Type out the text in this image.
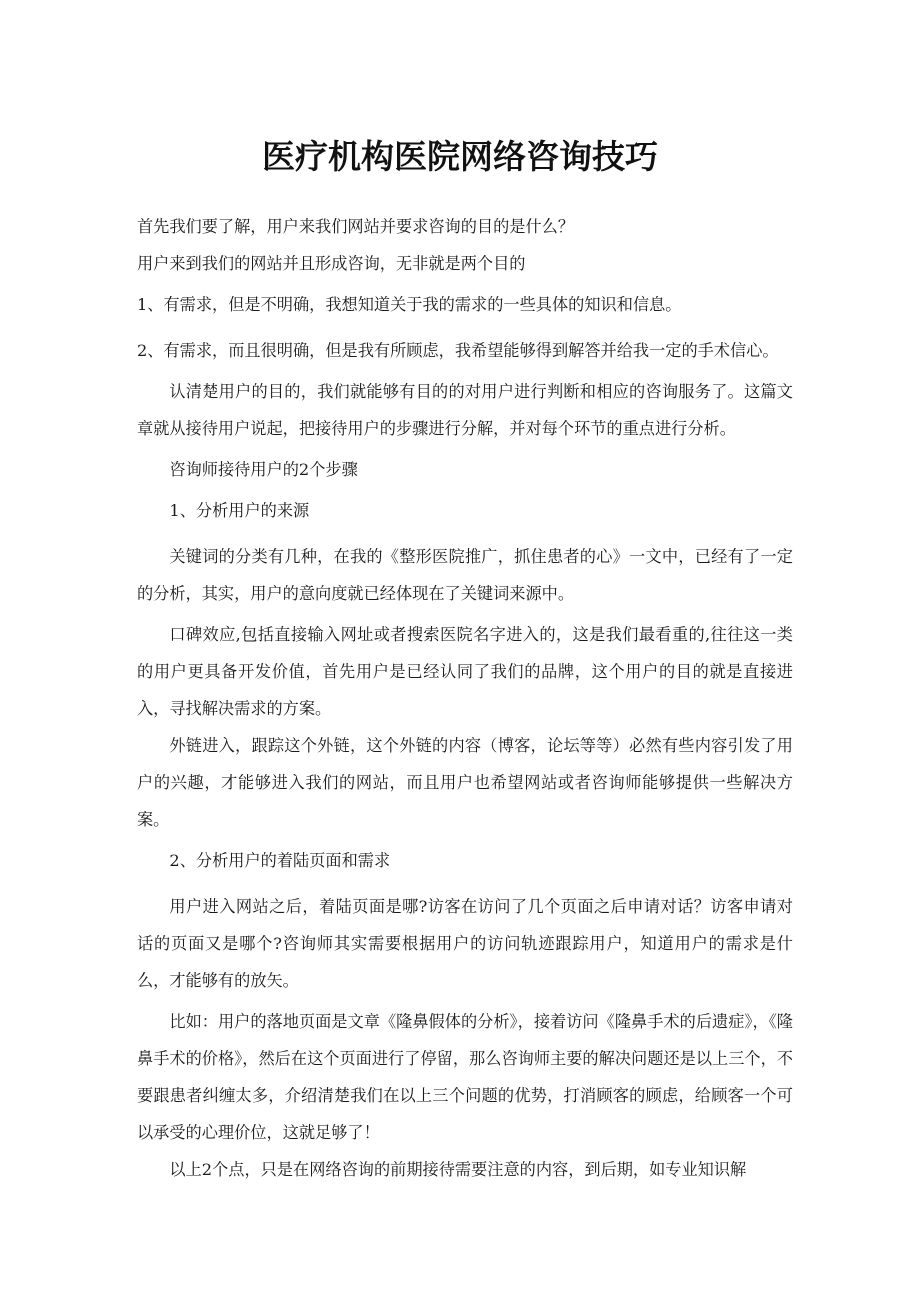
医疗机构医院网络咨询技巧

首先我们要了解，用户来我们网站并要求咨询的目的是什么？

用户来到我们的网站并且形成咨询，无非就是两个目的

1、有需求，但是不明确，我想知道关于我的需求的一些具体的知识和信息。

2、有需求，而且很明确，但是我有所顾虑，我希望能够得到解答并给我一定的手术信心。

认清楚用户的目的，我们就能够有目的的对用户进行判断和相应的咨询服务了。这篇文章就从接待用户说起，把接待用户的步骤进行分解，并对每个环节的重点进行分析。

咨询师接待用户的2个步骤

1、分析用户的来源

关键词的分类有几种，在我的《整形医院推广，抓住患者的心》一文中，已经有了一定的分析，其实，用户的意向度就已经体现在了关键词来源中。

口碑效应,包括直接输入网址或者搜索医院名字进入的，这是我们最看重的,往往这一类的用户更具备开发价值，首先用户是已经认同了我们的品牌，这个用户的目的就是直接进入，寻找解决需求的方案。

外链进入，跟踪这个外链，这个外链的内容（博客，论坛等等）必然有些内容引发了用户的兴趣，才能够进入我们的网站，而且用户也希望网站或者咨询师能够提供一些解决方案。

2、分析用户的着陆页面和需求

用户进入网站之后，着陆页面是哪?访客在访问了几个页面之后申请对话？访客申请对话的页面又是哪个?咨询师其实需要根据用户的访问轨迹跟踪用户，知道用户的需求是什么，才能够有的放矢。

比如：用户的落地页面是文章《隆鼻假体的分析》，接着访问《隆鼻手术的后遗症》，《隆鼻手术的价格》，然后在这个页面进行了停留，那么咨询师主要的解决问题还是以上三个，不要跟患者纠缠太多，介绍清楚我们在以上三个问题的优势，打消顾客的顾虑，给顾客一个可以承受的心理价位，这就足够了！

以上2个点，只是在网络咨询的前期接待需要注意的内容，到后期，如专业知识解
